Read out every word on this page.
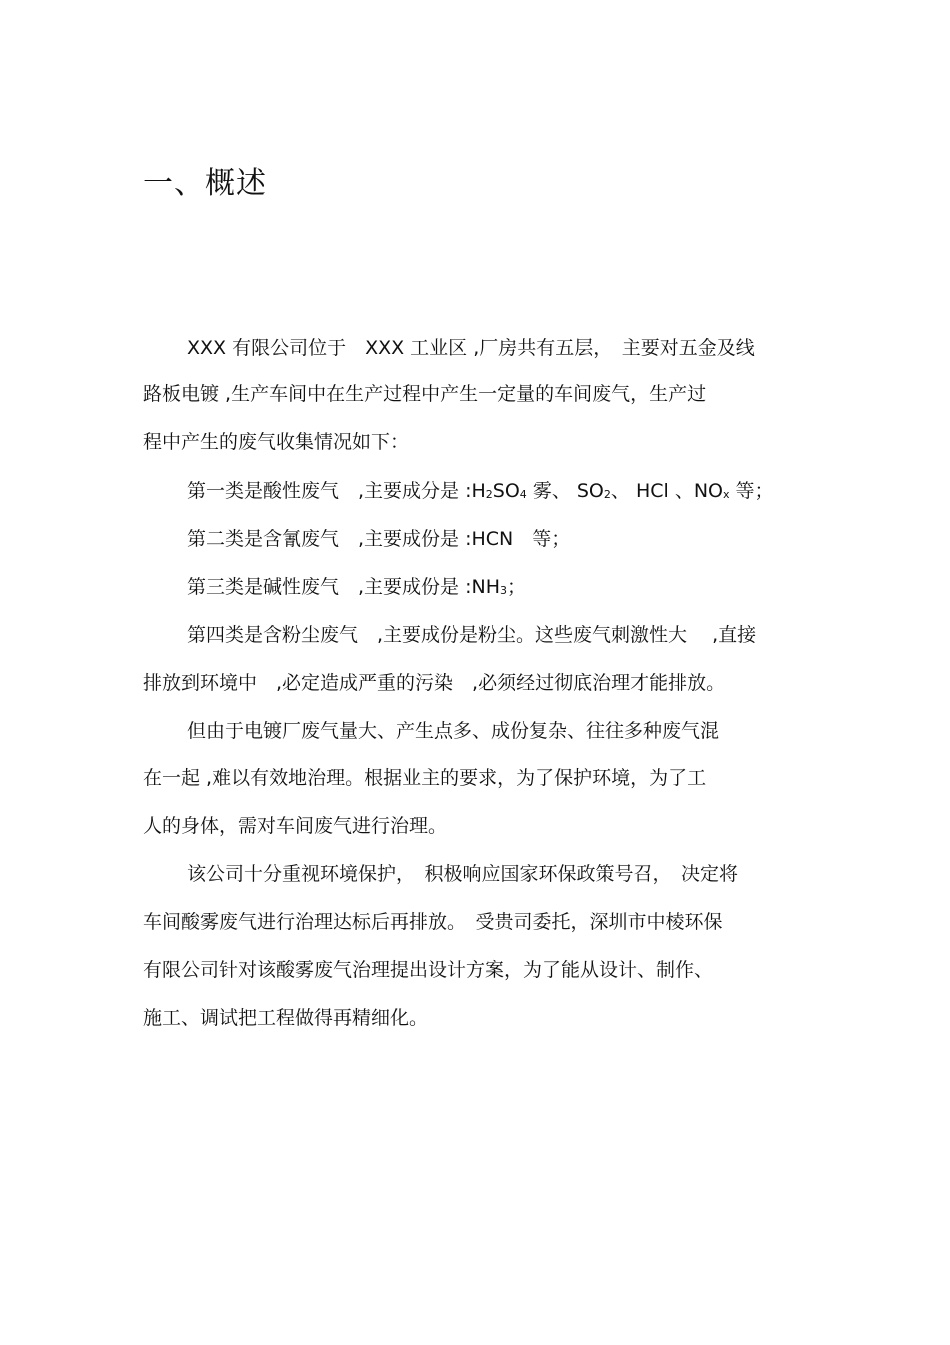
一、概述
XXX 有限公司位于　XXX 工业区 ,厂房共有五层，　主要对五金及线
路板电镀 ,生产车间中在生产过程中产生一定量的车间废气，生产过
程中产生的废气收集情况如下：
第一类是酸性废气　,主要成分是 $:H_2SO_4$ 雾、 $SO_2$、 HCl 、$NO_x$ 等；
第二类是含氰废气　,主要成份是 :HCN　等；
第三类是碱性废气　,主要成份是 $:NH_3$；
第四类是含粉尘废气　,主要成份是粉尘。这些废气刺激性大　 ,直接
排放到环境中　,必定造成严重的污染　,必须经过彻底治理才能排放。
但由于电镀厂废气量大、产生点多、成份复杂、往往多种废气混
在一起 ,难以有效地治理。根据业主的要求，为了保护环境，为了工
人的身体，需对车间废气进行治理。
该公司十分重视环境保护，　积极响应国家环保政策号召，　决定将
车间酸雾废气进行治理达标后再排放。　受贵司委托，深圳市中棱环保
有限公司针对该酸雾废气治理提出设计方案，为了能从设计、制作、
施工、调试把工程做得再精细化。
